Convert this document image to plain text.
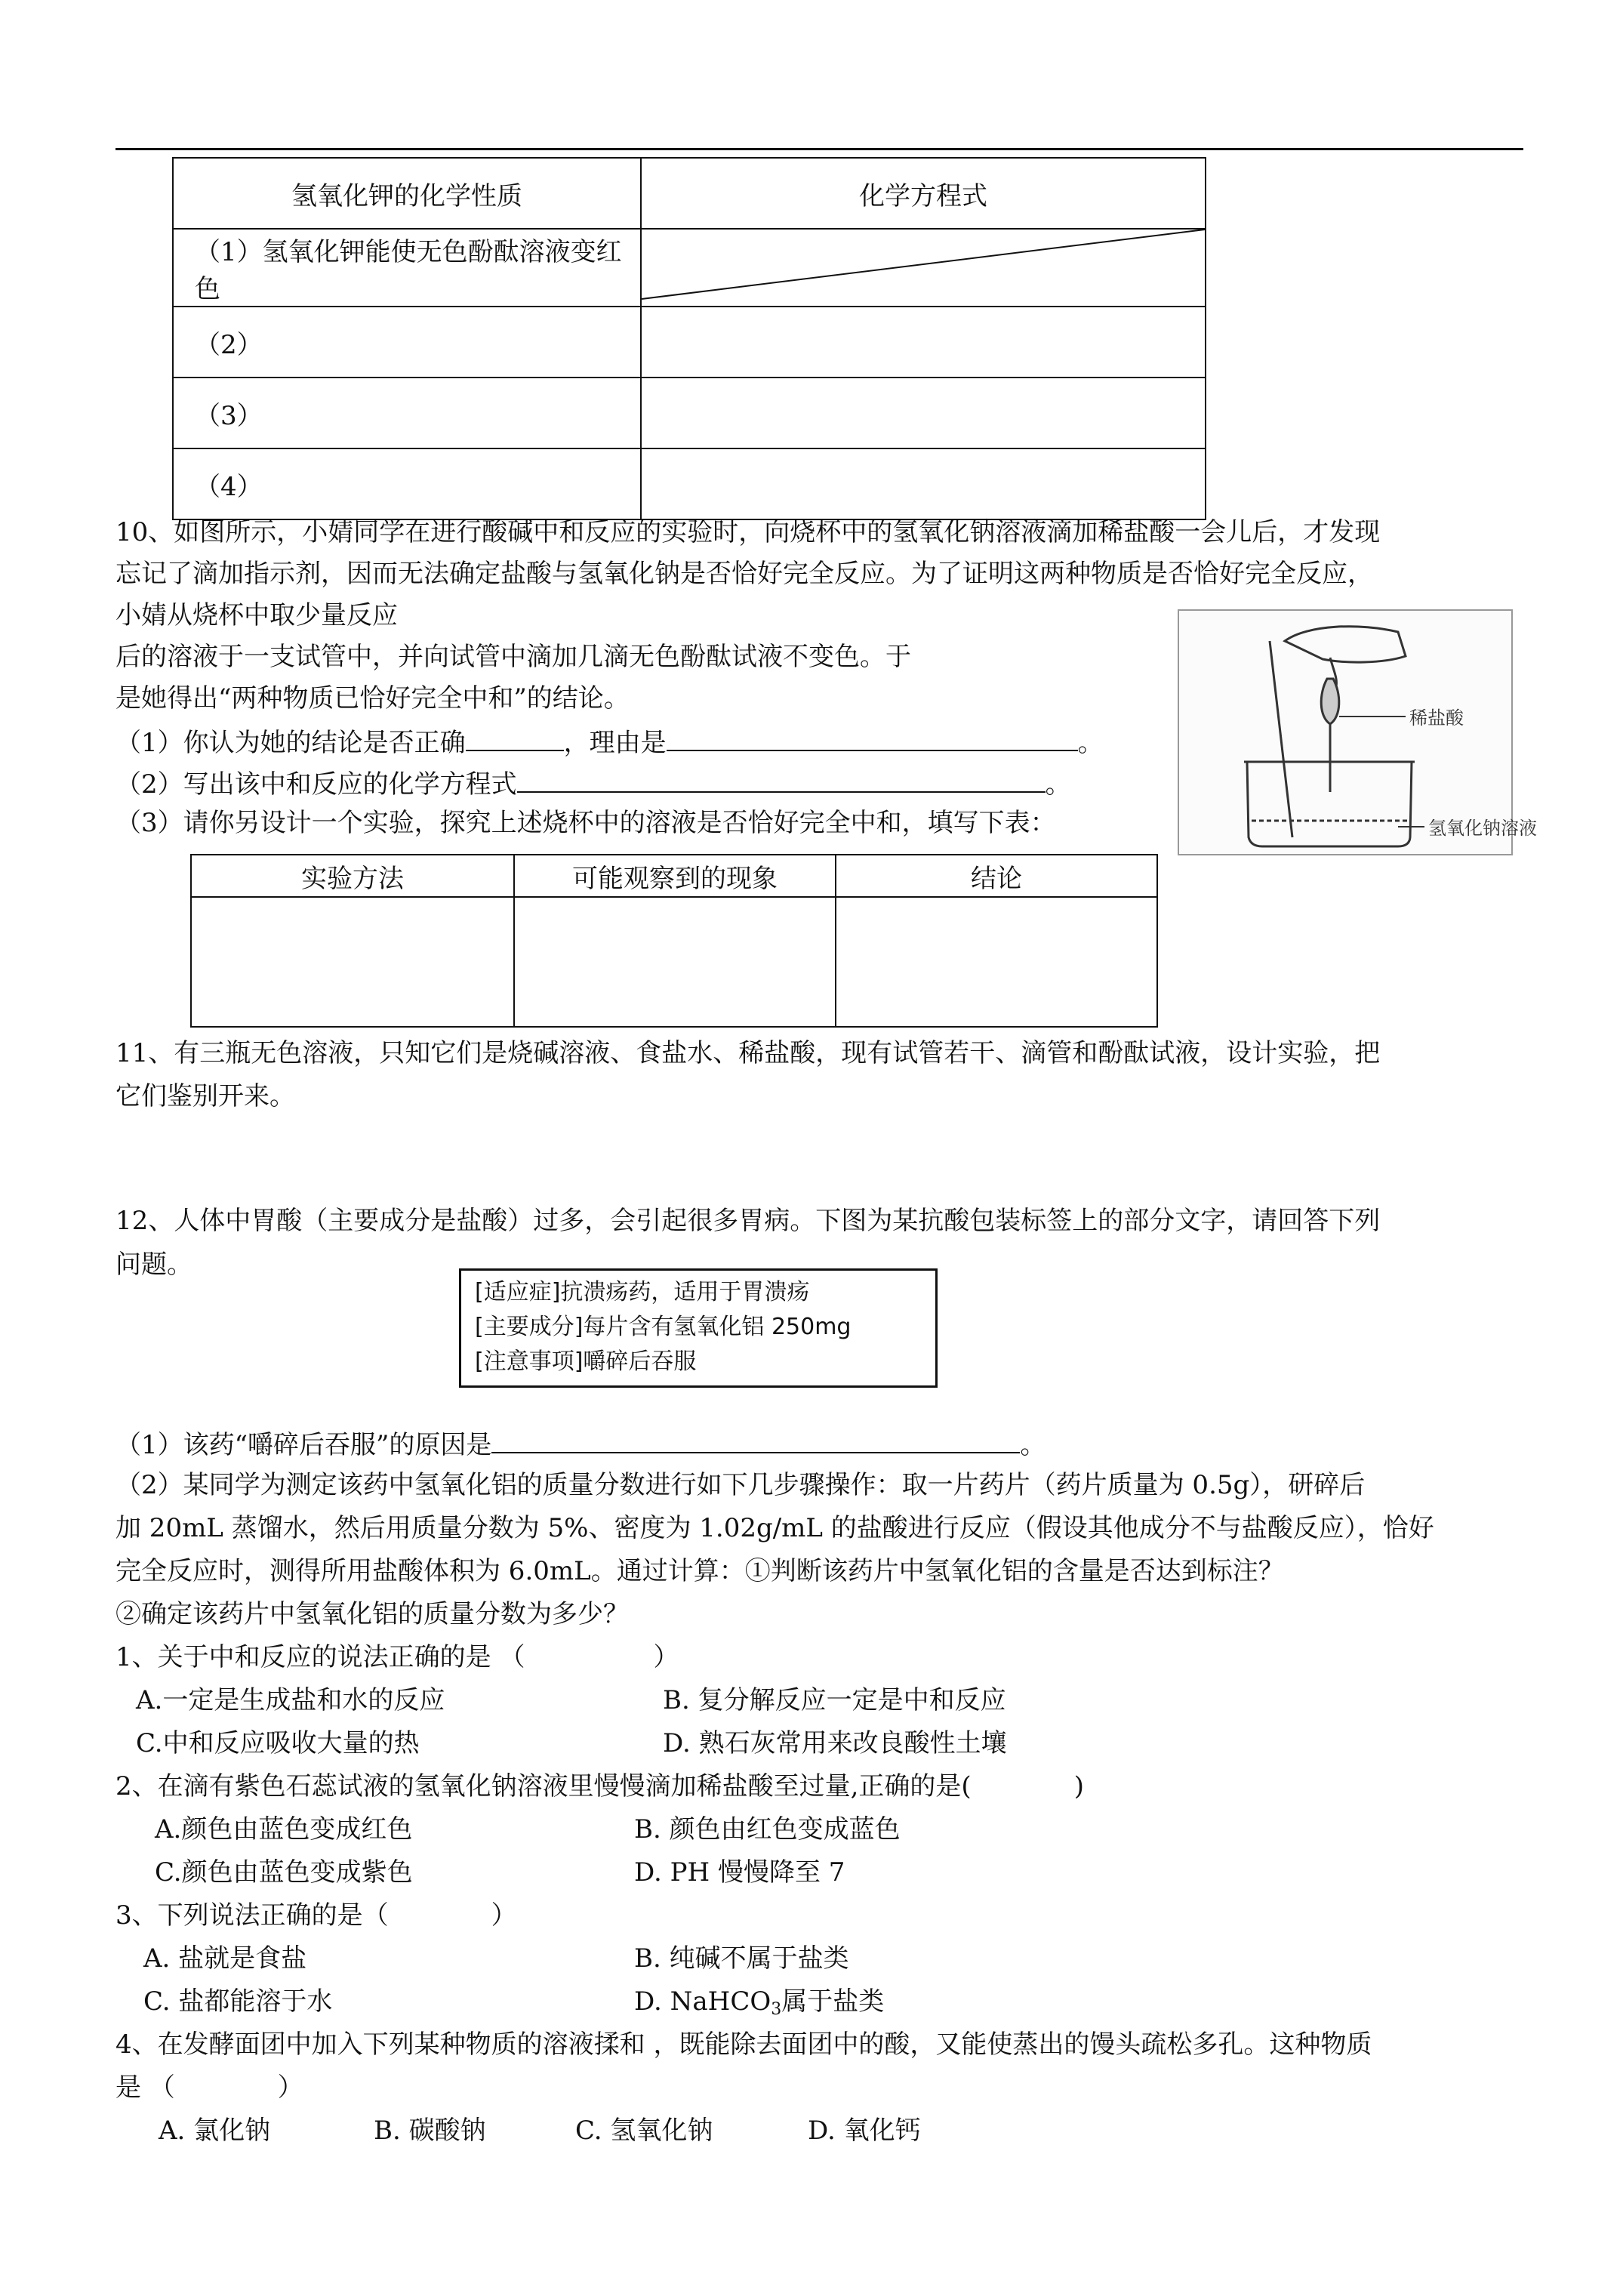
氢氧化钾的化学性质	化学方程式
（1）氢氧化钾能使无色酚酞溶液变红色	
（2）	
（3）	
（4）	
10、如图所示，小婧同学在进行酸碱中和反应的实验时，向烧杯中的氢氧化钠溶液滴加稀盐酸一会儿后，才发现
忘记了滴加指示剂，因而无法确定盐酸与氢氧化钠是否恰好完全反应。为了证明这两种物质是否恰好完全反应，
小婧从烧杯中取少量反应
后的溶液于一支试管中，并向试管中滴加几滴无色酚酞试液不变色。于
是她得出“两种物质已恰好完全中和”的结论。
（1）你认为她的结论是否正确	，理由是	。
（2）写出该中和反应的化学方程式	。
（3）请你另设计一个实验，探究上述烧杯中的溶液是否恰好完全中和，填写下表：
稀盐酸
氢氧化钠溶液
实验方法	可能观察到的现象	结论

11、有三瓶无色溶液，只知它们是烧碱溶液、食盐水、稀盐酸，现有试管若干、滴管和酚酞试液，设计实验，把
它们鉴别开来。
12、人体中胃酸（主要成分是盐酸）过多，会引起很多胃病。下图为某抗酸包装标签上的部分文字，请回答下列
问题。
[适应症]抗溃疡药，适用于胃溃疡
[主要成分]每片含有氢氧化铝 250mg
[注意事项]嚼碎后吞服
（1）该药“嚼碎后吞服”的原因是	。
（2）某同学为测定该药中氢氧化铝的质量分数进行如下几步骤操作：取一片药片（药片质量为 0.5g），研碎后
加 20mL 蒸馏水，然后用质量分数为 5%、密度为 1.02g/mL 的盐酸进行反应（假设其他成分不与盐酸反应），恰好
完全反应时，测得所用盐酸体积为 6.0mL。通过计算：①判断该药片中氢氧化铝的含量是否达到标注？
②确定该药片中氢氧化铝的质量分数为多少？
1、关于中和反应的说法正确的是 （　　　　　）
A.一定是生成盐和水的反应	B. 复分解反应一定是中和反应
C.中和反应吸收大量的热	D. 熟石灰常用来改良酸性土壤
2、在滴有紫色石蕊试液的氢氧化钠溶液里慢慢滴加稀盐酸至过量,正确的是(　　　　)
A.颜色由蓝色变成红色	B. 颜色由红色变成蓝色
C.颜色由蓝色变成紫色	D. PH 慢慢降至 7
3、下列说法正确的是（　　　　）
A. 盐就是食盐	B. 纯碱不属于盐类
C. 盐都能溶于水	D. NaHCO$_3$属于盐类
4、在发酵面团中加入下列某种物质的溶液揉和 ，既能除去面团中的酸，又能使蒸出的馒头疏松多孔。这种物质
是 （　　　　）
A. 氯化钠	B. 碳酸钠	C. 氢氧化钠	D. 氧化钙
